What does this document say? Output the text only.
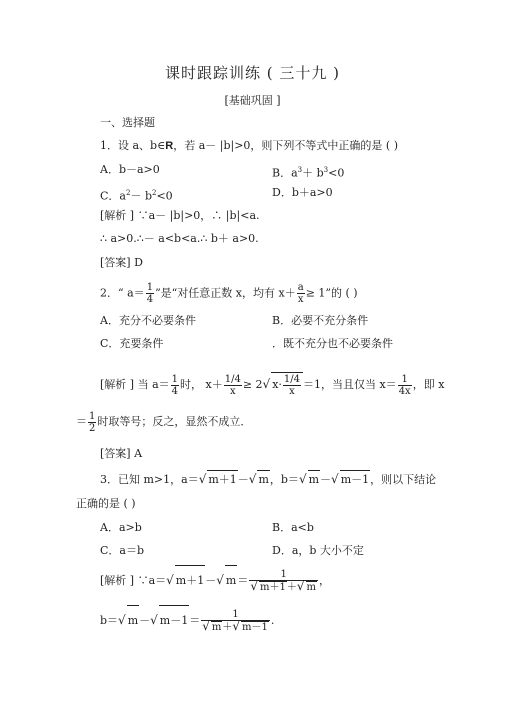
课时跟踪训练 ( 三十九 )
[基础巩固 ]
一、选择题
1．设 a、b∈R，若 a－ |b|>0，则下列不等式中正确的是 ( )
A．b－a>0	B．$a^3+ b^3<0$
C．$a^2- b^2<0$	D．b＋a>0
[解析 ] ∵a－ |b|>0，∴ |b|<a.
∴ a>0.∴－ a<b<a.∴ b＋ a>0.
[答案] D
2．“ $a= \frac{1}{4}$ ”是“对任意正数 x，均有 $x+ \frac{a}{x} \ge 1$”的 ( )
A．充分不必要条件	B．必要不充分条件
C．充要条件	．既不充分也不必要条件
[解析 ] 当 $a= \frac{1}{4}$ 时， $x+ \frac{1/4}{x} \ge 2√$ $x\cdot \frac{1/4}{x} =1$，当且仅当 $x= \frac{1}{4x}$ ，即 x
＝ $\frac{1}{2}$ 时取等号；反之，显然不成立．
[答案] A
3．已知 m>1，a＝√ m＋1－√ m，b＝√ m－√ m－1，则以下结论
正确的是 ( )
A．a>b	B．a<b
C．a＝b	D．a，b 大小不定
[解析 ] ∵a＝√ m＋1－√ $m= \frac{1}{√ m+1+√ m}$ ，
b＝√ m－√ $m-1= \frac{1}{√ m+√ m-1}$ .
